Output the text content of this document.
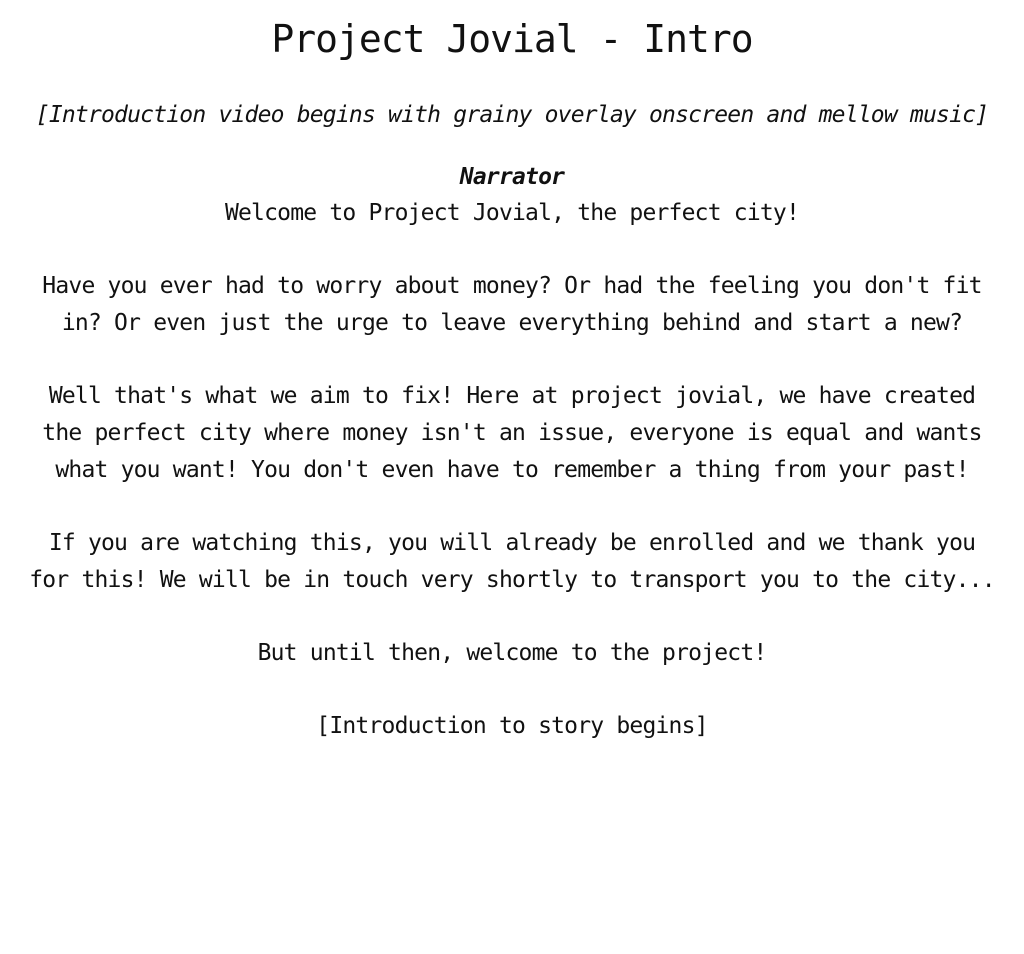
Project Jovial - Intro

[Introduction video begins with grainy overlay onscreen and mellow music]

Narrator

Welcome to Project Jovial, the perfect city!

Have you ever had to worry about money? Or had the feeling you don't fit in? Or even just the urge to leave everything behind and start a new?

Well that's what we aim to fix! Here at project jovial, we have created the perfect city where money isn't an issue, everyone is equal and wants what you want! You don't even have to remember a thing from your past!

If you are watching this, you will already be enrolled and we thank you for this! We will be in touch very shortly to transport you to the city...

But until then, welcome to the project!

[Introduction to story begins]
